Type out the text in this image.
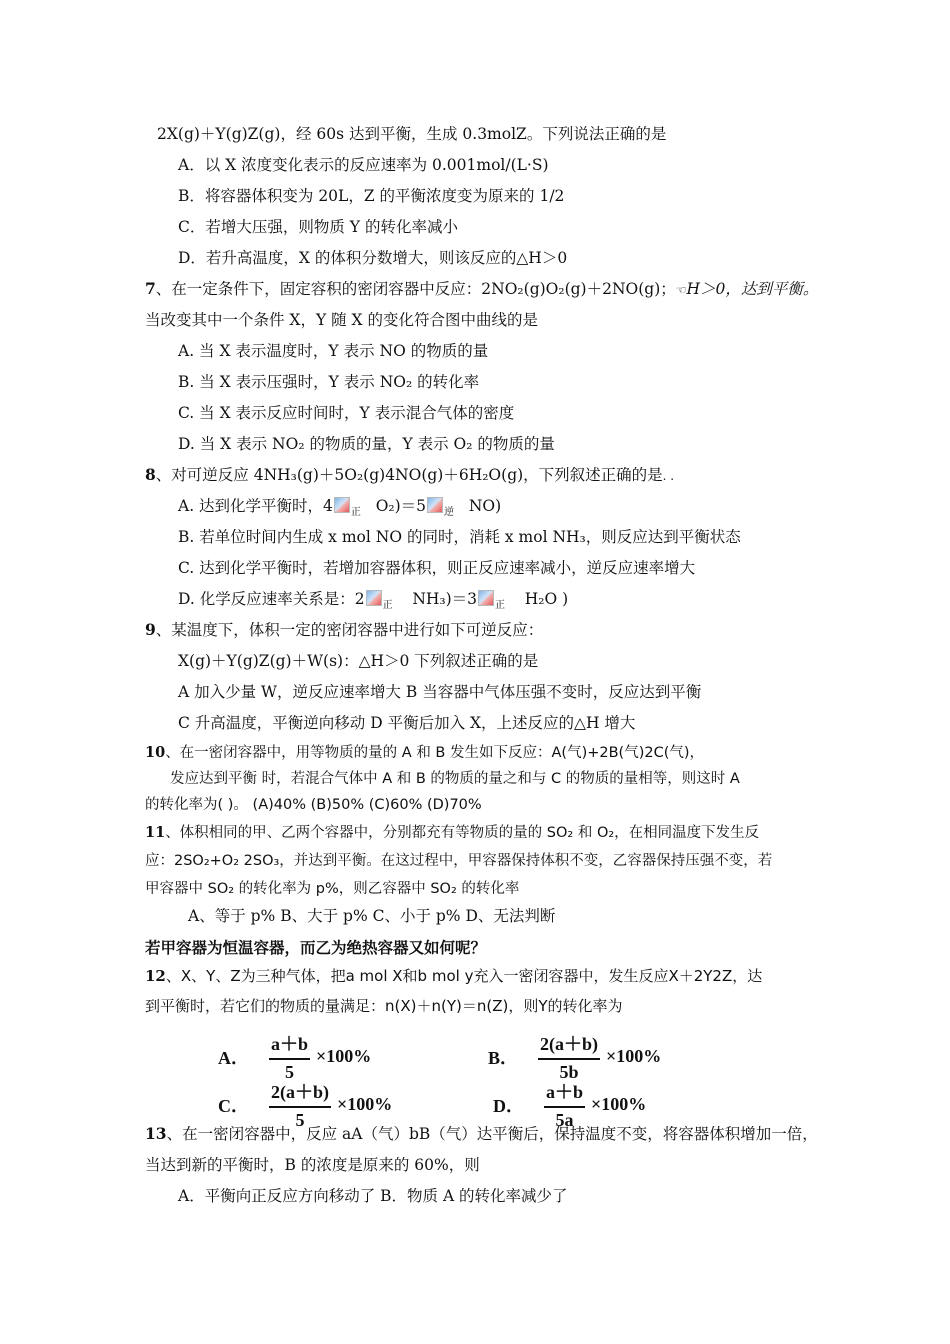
2X(g)＋Y(g)Z(g)，经 60s 达到平衡，生成 0.3molZ。下列说法正确的是
A．以 X 浓度变化表示的反应速率为 0.001mol/(L·S)
B．将容器体积变为 20L，Z 的平衡浓度变为原来的 1/2
C．若增大压强，则物质 Y 的转化率减小
D．若升高温度，X 的体积分数增大，则该反应的△H＞0
7、在一定条件下，固定容积的密闭容器中反应：2NO₂(g)O₂(g)＋2NO(g)；☜H＞0，达到平衡。
当改变其中一个条件 X，Y 随 X 的变化符合图中曲线的是
A. 当 X 表示温度时，Y 表示 NO 的物质的量
B. 当 X 表示压强时，Y 表示 NO₂ 的转化率
C. 当 X 表示反应时间时，Y 表示混合气体的密度
D. 当 X 表示 NO₂ 的物质的量，Y 表示 O₂ 的物质的量
8、对可逆反应 4NH₃(g)＋5O₂(g)4NO(g)＋6H₂O(g)，下列叙述正确的是. .
A. 达到化学平衡时，4 $_正$ O₂)＝5 $_逆$ NO)
B. 若单位时间内生成 x mol NO 的同时，消耗 x mol NH₃，则反应达到平衡状态
C. 达到化学平衡时，若增加容器体积，则正反应速率减小，逆反应速率增大
D. 化学反应速率关系是：2 $_正$ NH₃)＝3 $_正$ H₂O )
9、某温度下，体积一定的密闭容器中进行如下可逆反应：
X(g)＋Y(g)Z(g)＋W(s)：△H＞0 下列叙述正确的是
A 加入少量 W，逆反应速率增大 B 当容器中气体压强不变时，反应达到平衡
C 升高温度，平衡逆向移动 D 平衡后加入 X，上述反应的△H 增大
10、在一密闭容器中，用等物质的量的 A 和 B 发生如下反应：A(气)+2B(气)2C(气)，
发应达到平衡 时，若混合气体中 A 和 B 的物质的量之和与 C 的物质的量相等，则这时 A
的转化率为( )。 (A)40% (B)50% (C)60% (D)70%
11、体积相同的甲、乙两个容器中，分别都充有等物质的量的 SO₂ 和 O₂，在相同温度下发生反
应：2SO₂+O₂ 2SO₃，并达到平衡。在这过程中，甲容器保持体积不变，乙容器保持压强不变，若
甲容器中 SO₂ 的转化率为 p%，则乙容器中 SO₂ 的转化率
A、等于 p% B、大于 p% C、小于 p% D、无法判断
若甲容器为恒温容器，而乙为绝热容器又如何呢？
12、X、Y、Z为三种气体，把a mol X和b mol y充入一密闭容器中，发生反应X＋2Y2Z，达
到平衡时，若它们的物质的量满足：n(X)＋n(Y)＝n(Z)，则Y的转化率为
A． $\frac{a+b}{5} \times 100\%$	B． $\frac{2(a+b)}{5b} \times 100\%$
C． $\frac{2(a+b)}{5} \times 100\%$	D． $\frac{a+b}{5a} \times 100\%$
13、在一密闭容器中，反应 aA（气）bB（气）达平衡后，保持温度不变，将容器体积增加一倍，
当达到新的平衡时，B 的浓度是原来的 60%，则
A．平衡向正反应方向移动了 B．物质 A 的转化率减少了
